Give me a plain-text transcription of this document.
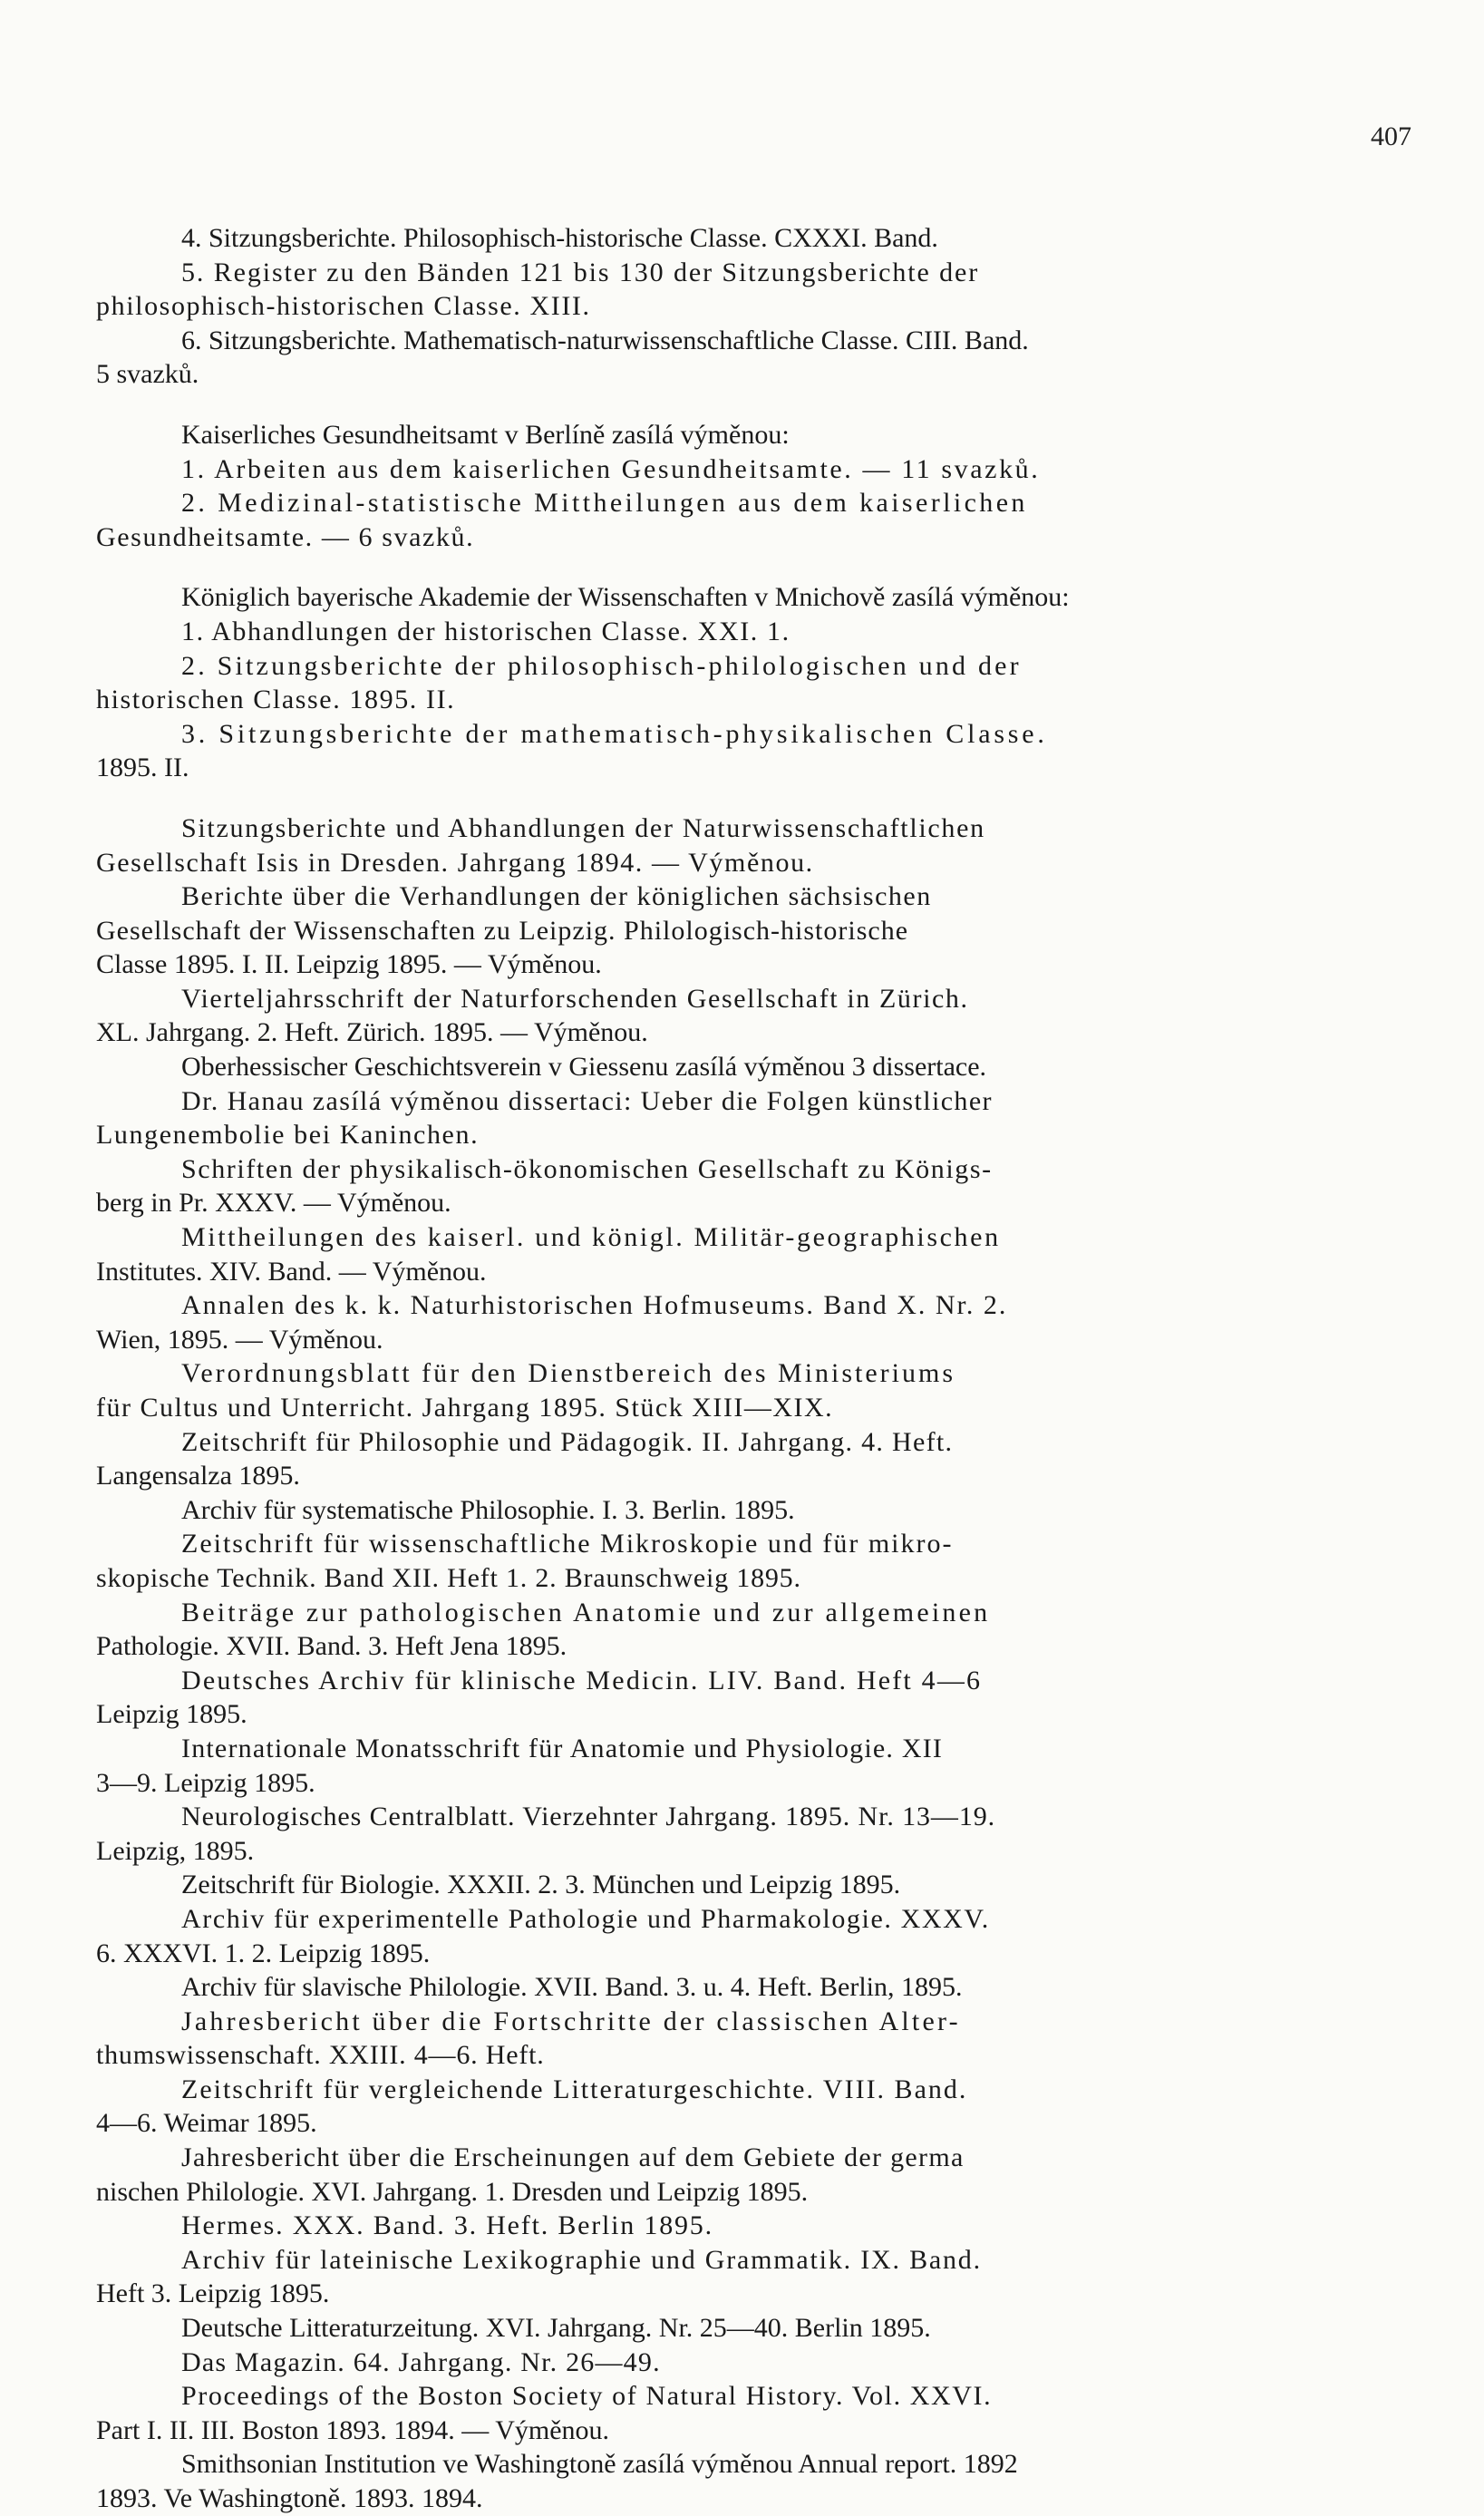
407
4. Sitzungsberichte. Philosophisch-historische Classe. CXXXI. Band.
5. Register zu den Bänden 121 bis 130 der Sitzungsberichte der
philosophisch-historischen Classe. XIII.
6. Sitzungsberichte. Mathematisch-naturwissenschaftliche Classe. CIII. Band.
5 svazků.
Kaiserliches Gesundheitsamt v Berlíně zasílá výměnou:
1. Arbeiten aus dem kaiserlichen Gesundheitsamte. — 11 svazků.
2. Medizinal-statistische Mittheilungen aus dem kaiserlichen
Gesundheitsamte. — 6 svazků.
Königlich bayerische Akademie der Wissenschaften v Mnichově zasílá výměnou:
1. Abhandlungen der historischen Classe. XXI. 1.
2. Sitzungsberichte der philosophisch-philologischen und der
historischen Classe. 1895. II.
3. Sitzungsberichte der mathematisch-physikalischen Classe.
1895. II.
Sitzungsberichte und Abhandlungen der Naturwissenschaftlichen
Gesellschaft Isis in Dresden. Jahrgang 1894. — Výměnou.
Berichte über die Verhandlungen der königlichen sächsischen
Gesellschaft der Wissenschaften zu Leipzig. Philologisch-historische
Classe 1895. I. II. Leipzig 1895. — Výměnou.
Vierteljahrsschrift der Naturforschenden Gesellschaft in Zürich.
XL. Jahrgang. 2. Heft. Zürich. 1895. — Výměnou.
Oberhessischer Geschichtsverein v Giessenu zasílá výměnou 3 dissertace.
Dr. Hanau zasílá výměnou dissertaci: Ueber die Folgen künstlicher
Lungenembolie bei Kaninchen.
Schriften der physikalisch-ökonomischen Gesellschaft zu Königs-
berg in Pr. XXXV. — Výměnou.
Mittheilungen des kaiserl. und königl. Militär-geographischen
Institutes. XIV. Band. — Výměnou.
Annalen des k. k. Naturhistorischen Hofmuseums. Band X. Nr. 2.
Wien, 1895. — Výměnou.
Verordnungsblatt für den Dienstbereich des Ministeriums
für Cultus und Unterricht. Jahrgang 1895. Stück XIII—XIX.
Zeitschrift für Philosophie und Pädagogik. II. Jahrgang. 4. Heft.
Langensalza 1895.
Archiv für systematische Philosophie. I. 3. Berlin. 1895.
Zeitschrift für wissenschaftliche Mikroskopie und für mikro-
skopische Technik. Band XII. Heft 1. 2. Braunschweig 1895.
Beiträge zur pathologischen Anatomie und zur allgemeinen
Pathologie. XVII. Band. 3. Heft Jena 1895.
Deutsches Archiv für klinische Medicin. LIV. Band. Heft 4—6
Leipzig 1895.
Internationale Monatsschrift für Anatomie und Physiologie. XII
3—9. Leipzig 1895.
Neurologisches Centralblatt. Vierzehnter Jahrgang. 1895. Nr. 13—19.
Leipzig, 1895.
Zeitschrift für Biologie. XXXII. 2. 3. München und Leipzig 1895.
Archiv für experimentelle Pathologie und Pharmakologie. XXXV.
6. XXXVI. 1. 2. Leipzig 1895.
Archiv für slavische Philologie. XVII. Band. 3. u. 4. Heft. Berlin, 1895.
Jahresbericht über die Fortschritte der classischen Alter-
thumswissenschaft. XXIII. 4—6. Heft.
Zeitschrift für vergleichende Litteraturgeschichte. VIII. Band.
4—6. Weimar 1895.
Jahresbericht über die Erscheinungen auf dem Gebiete der germa
nischen Philologie. XVI. Jahrgang. 1. Dresden und Leipzig 1895.
Hermes. XXX. Band. 3. Heft. Berlin 1895.
Archiv für lateinische Lexikographie und Grammatik. IX. Band.
Heft 3. Leipzig 1895.
Deutsche Litteraturzeitung. XVI. Jahrgang. Nr. 25—40. Berlin 1895.
Das Magazin. 64. Jahrgang. Nr. 26—49.
Proceedings of the Boston Society of Natural History. Vol. XXVI.
Part I. II. III. Boston 1893. 1894. — Výměnou.
Smithsonian Institution ve Washingtoně zasílá výměnou Annual report. 1892
1893. Ve Washingtoně. 1893. 1894.
